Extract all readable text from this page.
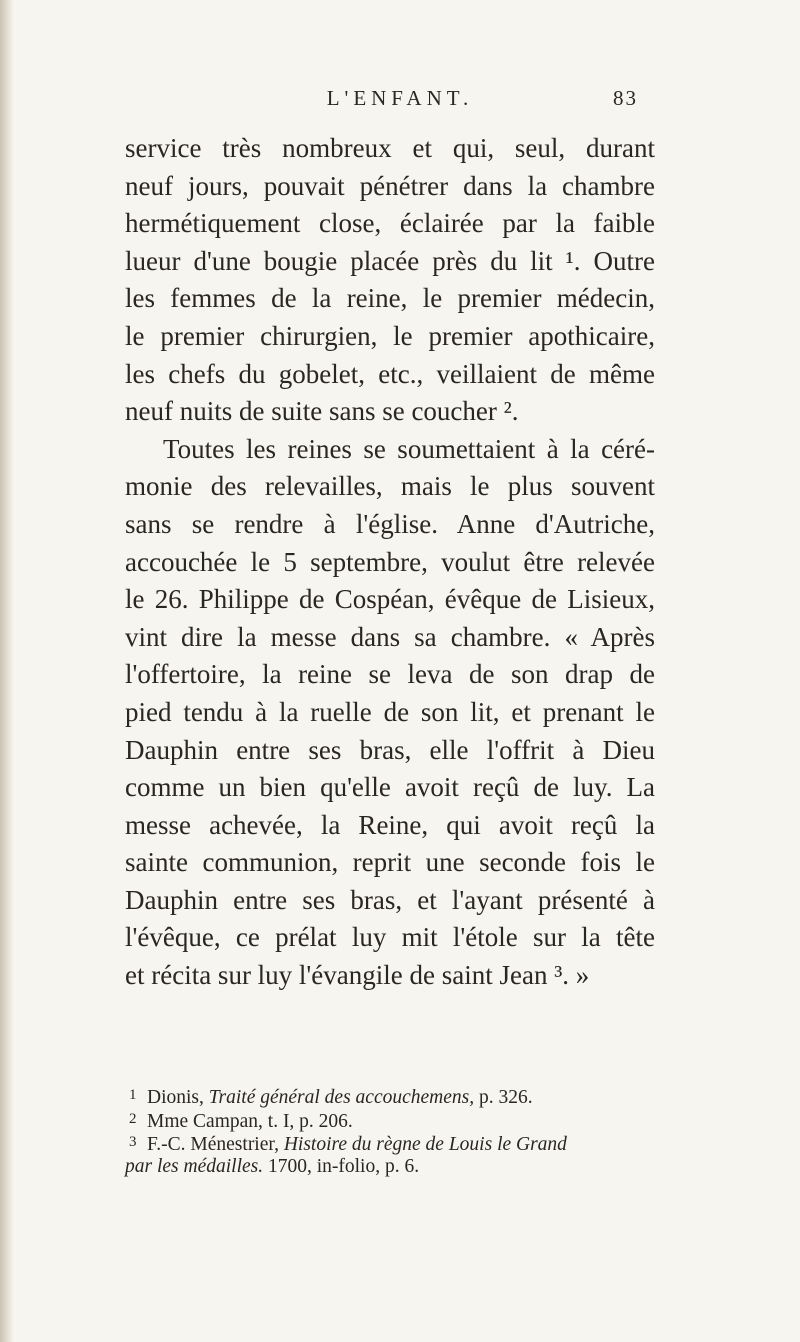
L'ENFANT.	83
service très nombreux et qui, seul, durant
neuf jours, pouvait pénétrer dans la chambre
hermétiquement close, éclairée par la faible
lueur d'une bougie placée près du lit ¹. Outre
les femmes de la reine, le premier médecin,
le premier chirurgien, le premier apothicaire,
les chefs du gobelet, etc., veillaient de même
neuf nuits de suite sans se coucher ².
Toutes les reines se soumettaient à la céré-
monie des relevailles, mais le plus souvent
sans se rendre à l'église. Anne d'Autriche,
accouchée le 5 septembre, voulut être relevée
le 26. Philippe de Cospéan, évêque de Lisieux,
vint dire la messe dans sa chambre. « Après
l'offertoire, la reine se leva de son drap de
pied tendu à la ruelle de son lit, et prenant le
Dauphin entre ses bras, elle l'offrit à Dieu
comme un bien qu'elle avoit reçû de luy. La
messe achevée, la Reine, qui avoit reçû la
sainte communion, reprit une seconde fois le
Dauphin entre ses bras, et l'ayant présenté à
l'évêque, ce prélat luy mit l'étole sur la tête
et récita sur luy l'évangile de saint Jean ³. »
1 Dionis, Traité général des accouchemens, p. 326.
2 Mme Campan, t. I, p. 206.
3 F.-C. Ménestrier, Histoire du règne de Louis le Grand
par les médailles. 1700, in-folio, p. 6.
